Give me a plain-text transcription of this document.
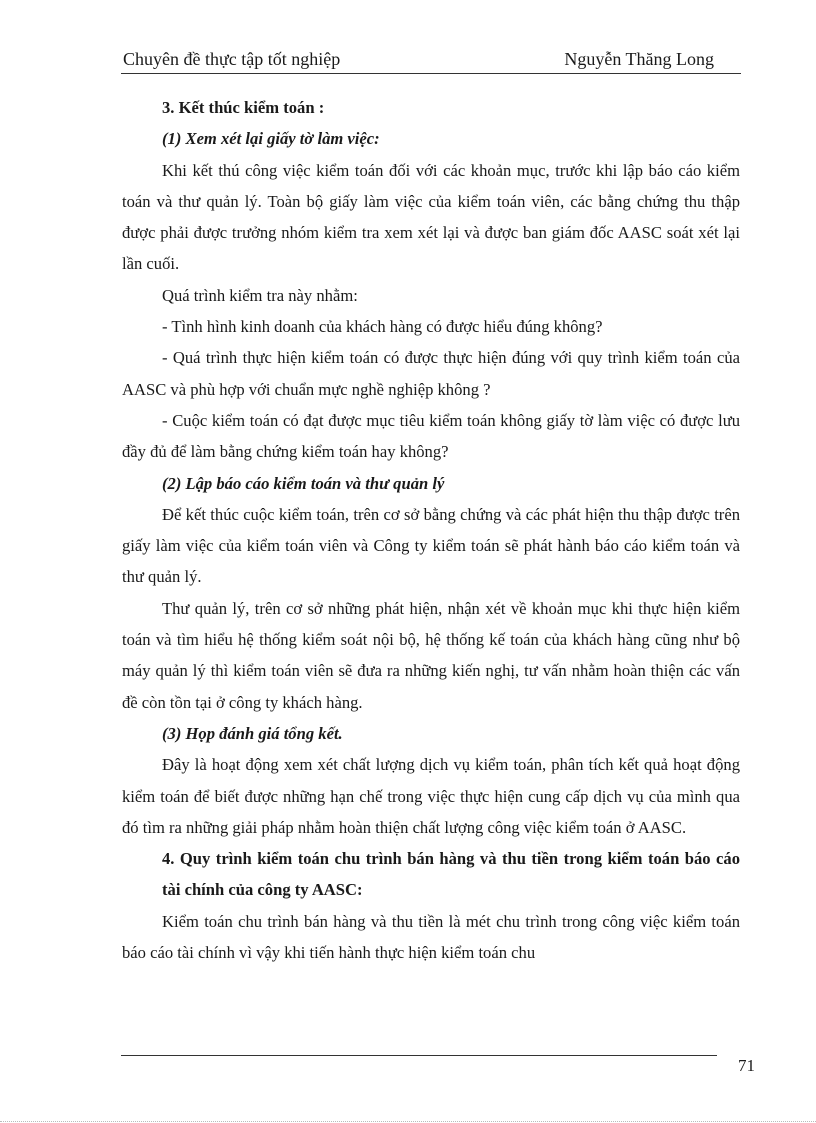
Chuyên đề thực tập tốt nghiệp	Nguyễn Thăng Long

3. Kết thúc kiểm toán :

(1) Xem xét lại giấy tờ làm việc:

Khi kết thú công việc kiểm toán đối với các khoản mục, trước khi lập báo cáo kiểm toán và thư quản lý. Toàn bộ giấy làm việc của kiểm toán viên, các bằng chứng thu thập được phải được trưởng nhóm kiểm tra xem xét lại và được ban giám đốc AASC soát xét lại lần cuối.

Quá trình kiểm tra này nhằm:

- Tình hình kinh doanh của khách hàng có được hiểu đúng không?

- Quá trình thực hiện kiểm toán có được thực hiện đúng với quy trình kiểm toán của AASC và phù hợp với chuẩn mực nghề nghiệp không ?

- Cuộc kiểm toán có đạt được mục tiêu kiểm toán không giấy tờ làm việc có được lưu đầy đủ để làm bằng chứng kiểm toán hay không?

(2) Lập báo cáo kiểm toán và thư quản lý

Để kết thúc cuộc kiểm toán, trên cơ sở bằng chứng và các phát hiện thu thập được trên giấy làm việc của kiểm toán viên và Công ty kiểm toán sẽ phát hành báo cáo kiểm toán và thư quản lý.

Thư quản lý, trên cơ sở những phát hiện, nhận xét về khoản mục khi thực hiện kiểm toán và tìm hiểu hệ thống kiểm soát nội bộ, hệ thống kế toán của khách hàng cũng như bộ máy quản lý thì kiểm toán viên sẽ đưa ra những kiến nghị, tư vấn nhằm hoàn thiện các vấn đề còn tồn tại ở công ty khách hàng.

(3) Họp đánh giá tổng kết.

Đây là hoạt động xem xét chất lượng dịch vụ kiểm toán, phân tích kết quả hoạt động kiểm toán để biết được những hạn chế trong việc thực hiện cung cấp dịch vụ của mình qua đó tìm ra những giải pháp nhằm hoàn thiện chất lượng công việc kiểm toán ở AASC.

4. Quy trình kiểm toán chu trình bán hàng và thu tiền trong kiểm toán báo cáo tài chính của công ty AASC:

Kiểm toán chu trình bán hàng và thu tiền là mét chu trình trong công việc kiểm toán báo cáo tài chính vì vậy khi tiến hành thực hiện kiểm toán chu

71
